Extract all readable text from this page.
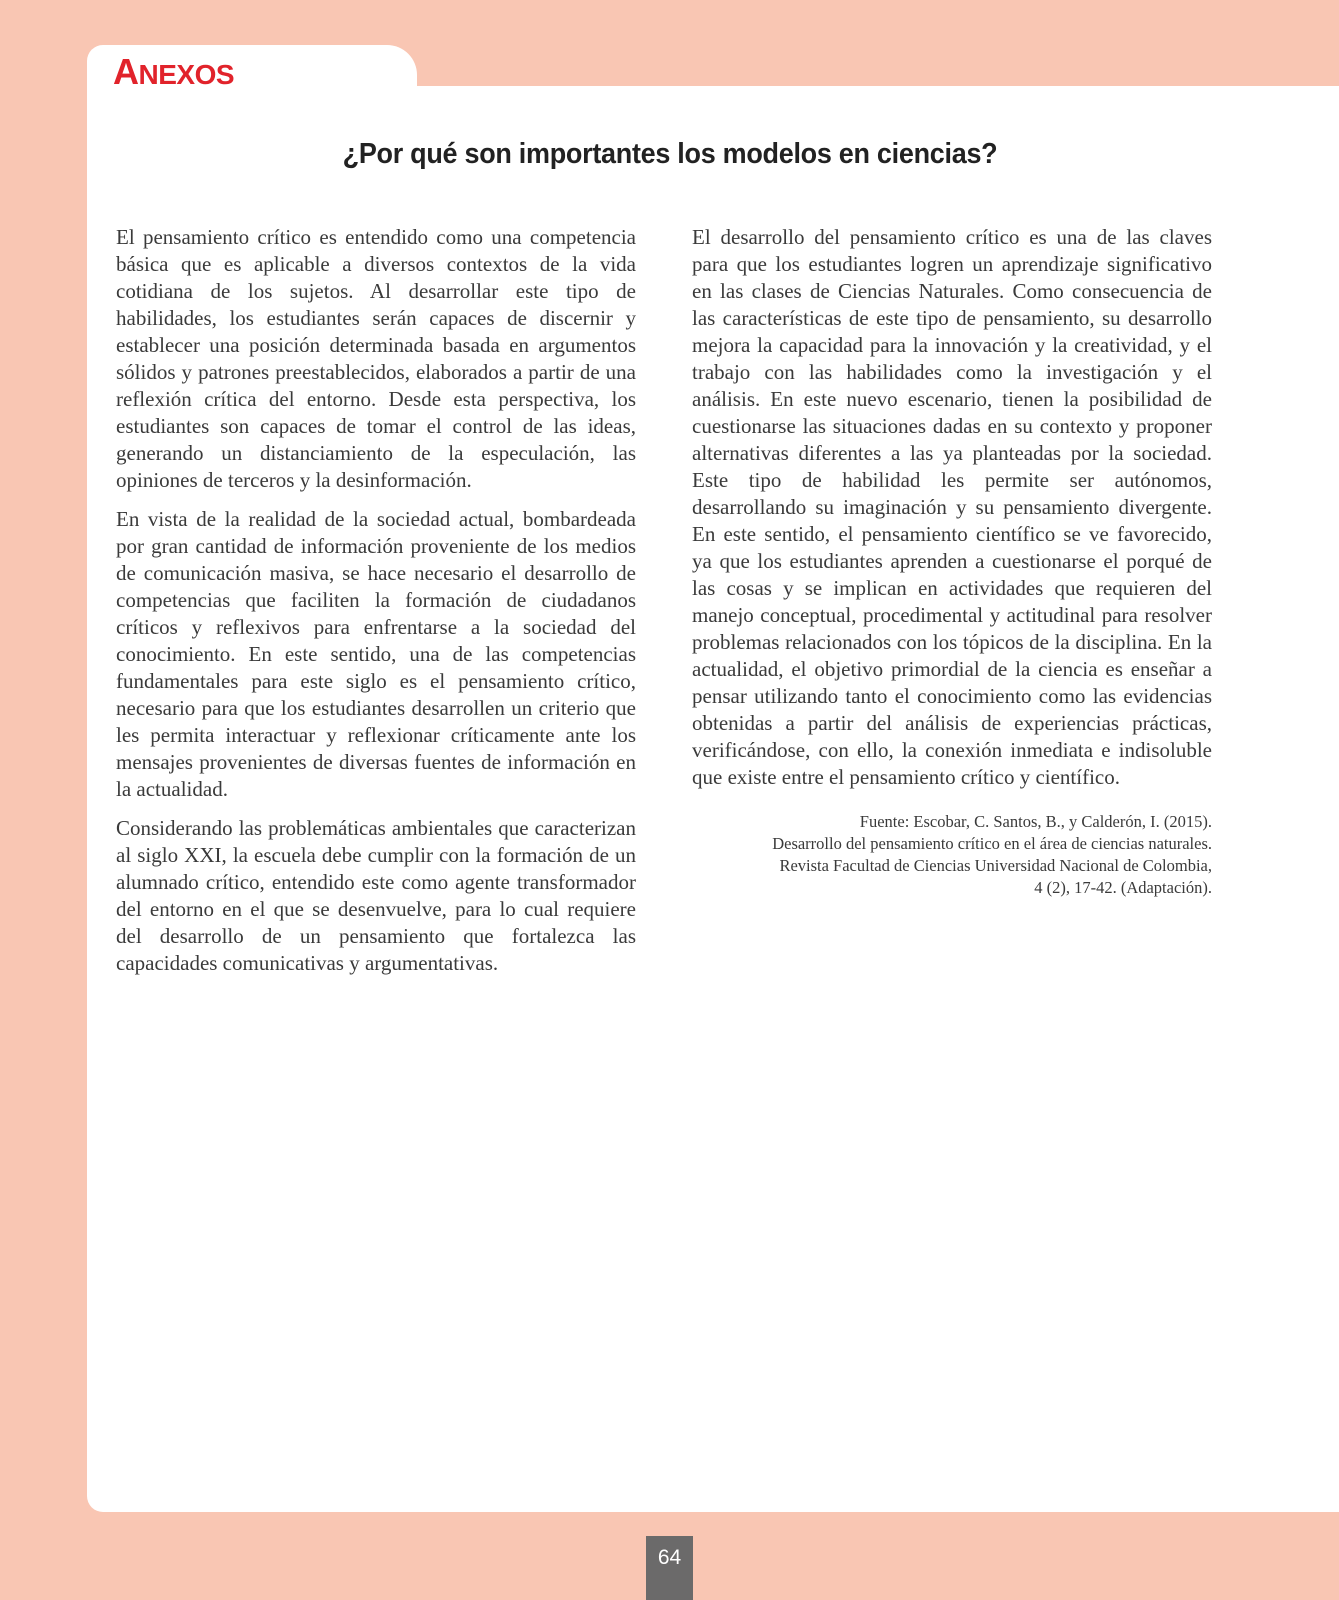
ANEXOS
¿Por qué son importantes los modelos en ciencias?

El pensamiento crítico es entendido como una competencia básica que es aplicable a diversos contextos de la vida cotidiana de los sujetos. Al desarrollar este tipo de habilidades, los estudiantes serán capaces de discernir y establecer una posición determinada basada en argumentos sólidos y patrones preestablecidos, elaborados a partir de una reflexión crítica del entorno. Desde esta perspectiva, los estudiantes son capaces de tomar el control de las ideas, generando un distanciamiento de la especulación, las opiniones de terceros y la desinformación.

En vista de la realidad de la sociedad actual, bombardeada por gran cantidad de información proveniente de los medios de comunicación masiva, se hace necesario el desarrollo de competencias que faciliten la formación de ciudadanos críticos y reflexivos para enfrentarse a la sociedad del conocimiento. En este sentido, una de las competencias fundamentales para este siglo es el pensamiento crítico, necesario para que los estudiantes desarrollen un criterio que les permita interactuar y reflexionar críticamente ante los mensajes provenientes de diversas fuentes de información en la actualidad.

Considerando las problemáticas ambientales que caracterizan al siglo XXI, la escuela debe cumplir con la formación de un alumnado crítico, entendido este como agente transformador del entorno en el que se desenvuelve, para lo cual requiere del desarrollo de un pensamiento que fortalezca las capacidades comunicativas y argumentativas.

El desarrollo del pensamiento crítico es una de las claves para que los estudiantes logren un aprendizaje significativo en las clases de Ciencias Naturales. Como consecuencia de las características de este tipo de pensamiento, su desarrollo mejora la capacidad para la innovación y la creatividad, y el trabajo con las habilidades como la investigación y el análisis. En este nuevo escenario, tienen la posibilidad de cuestionarse las situaciones dadas en su contexto y proponer alternativas diferentes a las ya planteadas por la sociedad. Este tipo de habilidad les permite ser autónomos, desarrollando su imaginación y su pensamiento divergente. En este sentido, el pensamiento científico se ve favorecido, ya que los estudiantes aprenden a cuestionarse el porqué de las cosas y se implican en actividades que requieren del manejo conceptual, procedimental y actitudinal para resolver problemas relacionados con los tópicos de la disciplina. En la actualidad, el objetivo primordial de la ciencia es enseñar a pensar utilizando tanto el conocimiento como las evidencias obtenidas a partir del análisis de experiencias prácticas, verificándose, con ello, la conexión inmediata e indisoluble que existe entre el pensamiento crítico y científico.

Fuente: Escobar, C. Santos, B., y Calderón, I. (2015).
Desarrollo del pensamiento crítico en el área de ciencias naturales.
Revista Facultad de Ciencias Universidad Nacional de Colombia,
4 (2), 17-42. (Adaptación).
64
